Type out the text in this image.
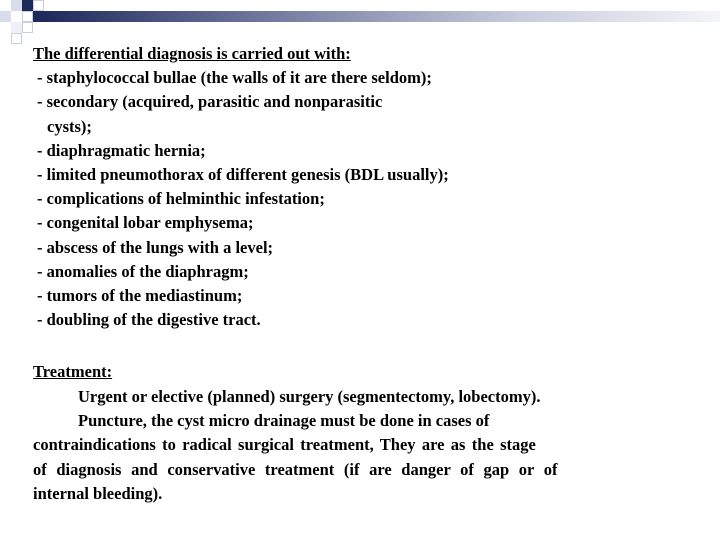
The differential diagnosis is carried out with:
- staphylococcal bullae (the walls of it are there seldom);
- secondary (acquired, parasitic and nonparasitic
cysts);
- diaphragmatic hernia;
- limited pneumothorax of different genesis (BDL usually);
- complications of helminthic infestation;
- congenital lobar emphysema;
- abscess of the lungs with a level;
- anomalies of the diaphragm;
- tumors of the mediastinum;
- doubling of the digestive tract.
Treatment:
Urgent or elective (planned) surgery (segmentectomy, lobectomy).
Puncture, the cyst micro drainage must be done in cases of
contraindications to radical surgical treatment, They are as the stage
of diagnosis and conservative treatment (if are danger of gap or of
internal bleeding).
